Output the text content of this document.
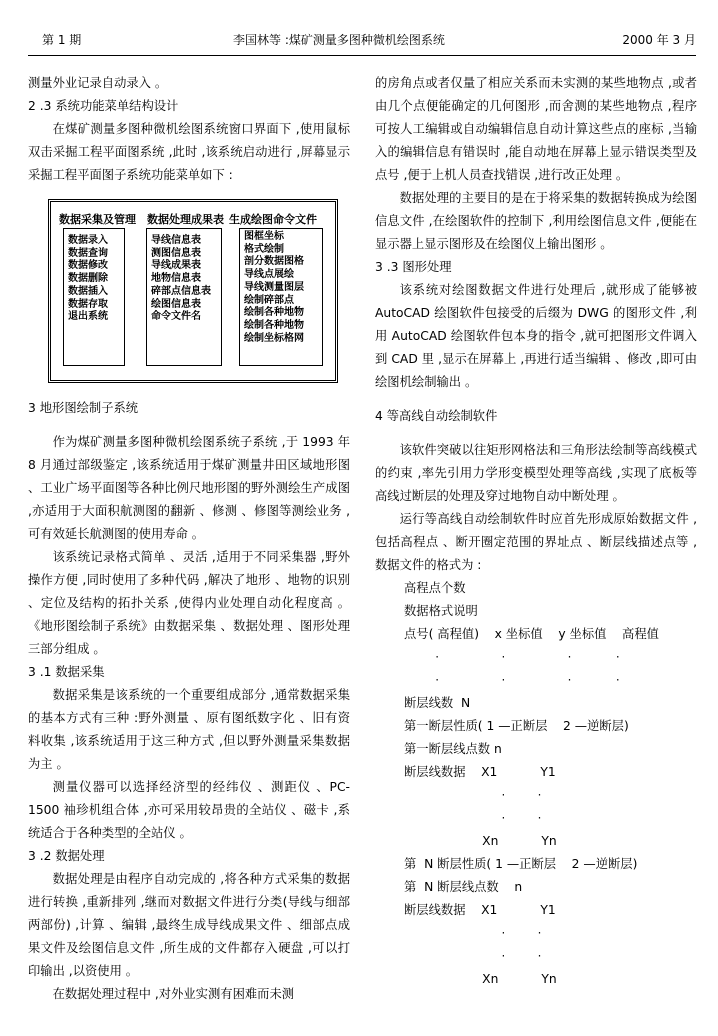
第 1 期	李国林等 :煤矿测量多图种微机绘图系统	2000 年 3 月

测量外业记录自动录入 。

2 .3 系统功能菜单结构设计

在煤矿测量多图种微机绘图系统窗口界面下 ,使用鼠标双击采掘工程平面图系统 ,此时 ,该系统启动进行 ,屏幕显示采掘工程平面图子系统功能菜单如下 :

数据采集及管理 数据处理成果表 生成绘图命令文件
数据录入
数据查询
数据修改
数据删除
数据插入
数据存取
退出系统
导线信息表
测图信息表
导线成果表
地物信息表
碎部点信息表
绘图信息表
命令文件名
图框坐标
格式绘制
剖分数据图格
导线点展绘
导线测量图层
绘制碎部点
绘制各种地物
绘制各种地物
绘制坐标格网

3 地形图绘制子系统

作为煤矿测量多图种微机绘图系统子系统 ,于 1993 年 8 月通过部级鉴定 ,该系统适用于煤矿测量井田区域地形图 、工业广场平面图等各种比例尺地形图的野外测绘生产成图 ,亦适用于大面积航测图的翻新 、修测 、修图等测绘业务 ,可有效延长航测图的使用寿命 。

该系统记录格式简单 、灵活 ,适用于不同采集器 ,野外操作方便 ,同时使用了多种代码 ,解决了地形 、地物的识别 、定位及结构的拓扑关系 ,使得内业处理自动化程度高 。《地形图绘制子系统》由数据采集 、数据处理 、图形处理三部分组成 。

3 .1 数据采集

数据采集是该系统的一个重要组成部分 ,通常数据采集的基本方式有三种 :野外测量 、原有图纸数字化 、旧有资料收集 ,该系统适用于这三种方式 ,但以野外测量采集数据为主 。

测量仪器可以选择经济型的经纬仪 、测距仪 、PC-1500 袖珍机组合体 ,亦可采用较昂贵的全站仪 、磁卡 ,系统适合于各种类型的全站仪 。

3 .2 数据处理

数据处理是由程序自动完成的 ,将各种方式采集的数据进行转换 ,重新排列 ,继而对数据文件进行分类(导线与细部两部份) ,计算 、编辑 ,最终生成导线成果文件 、细部点成果文件及绘图信息文件 ,所生成的文件都存入硬盘 ,可以打印输出 ,以资使用 。

在数据处理过程中 ,对外业实测有困难而未测

的房角点或者仅量了相应关系而未实测的某些地物点 ,或者由几个点便能确定的几何图形 ,而舍测的某些地物点 ,程序可按人工编辑或自动编辑信息自动计算这些点的座标 ,当输入的编辑信息有错误时 ,能自动地在屏幕上显示错误类型及点号 ,便于上机人员查找错误 ,进行改正处理 。

数据处理的主要目的是在于将采集的数据转换成为绘图信息文件 ,在绘图软件的控制下 ,利用绘图信息文件 ,便能在显示器上显示图形及在绘图仪上输出图形 。

3 .3 图形处理

该系统对绘图数据文件进行处理后 ,就形成了能够被 AutoCAD 绘图软件包接受的后缀为 DWG 的图形文件 ,利用 AutoCAD 绘图软件包本身的指令 ,就可把图形文件调入到 CAD 里 ,显示在屏幕上 ,再进行适当编辑 、修改 ,即可由绘图机绘制输出 。

4 等高线自动绘制软件

该软件突破以往矩形网格法和三角形法绘制等高线模式的约束 ,率先引用力学形变模型处理等高线 ,实现了底板等高线过断层的处理及穿过地物自动中断处理 。

运行等高线自动绘制软件时应首先形成原始数据文件 ,包括高程点 、断开圈定范围的界址点 、断层线描述点等 ,数据文件的格式为 :

高程点个数

数据格式说明

点号( 高程值)    x 坐标值    y 坐标值    高程值

·          ·          ·       ·

·          ·          ·       ·

断层线数  N

第一断层性质( 1 —正断层    2 —逆断层)

第一断层线点数 n

断层线数据    X1           Y1

·     ·

·     ·

Xn           Yn

第  N 断层性质( 1 —正断层    2 —逆断层)

第  N 断层线点数    n

断层线数据    X1           Y1

·     ·

·     ·

Xn           Yn
